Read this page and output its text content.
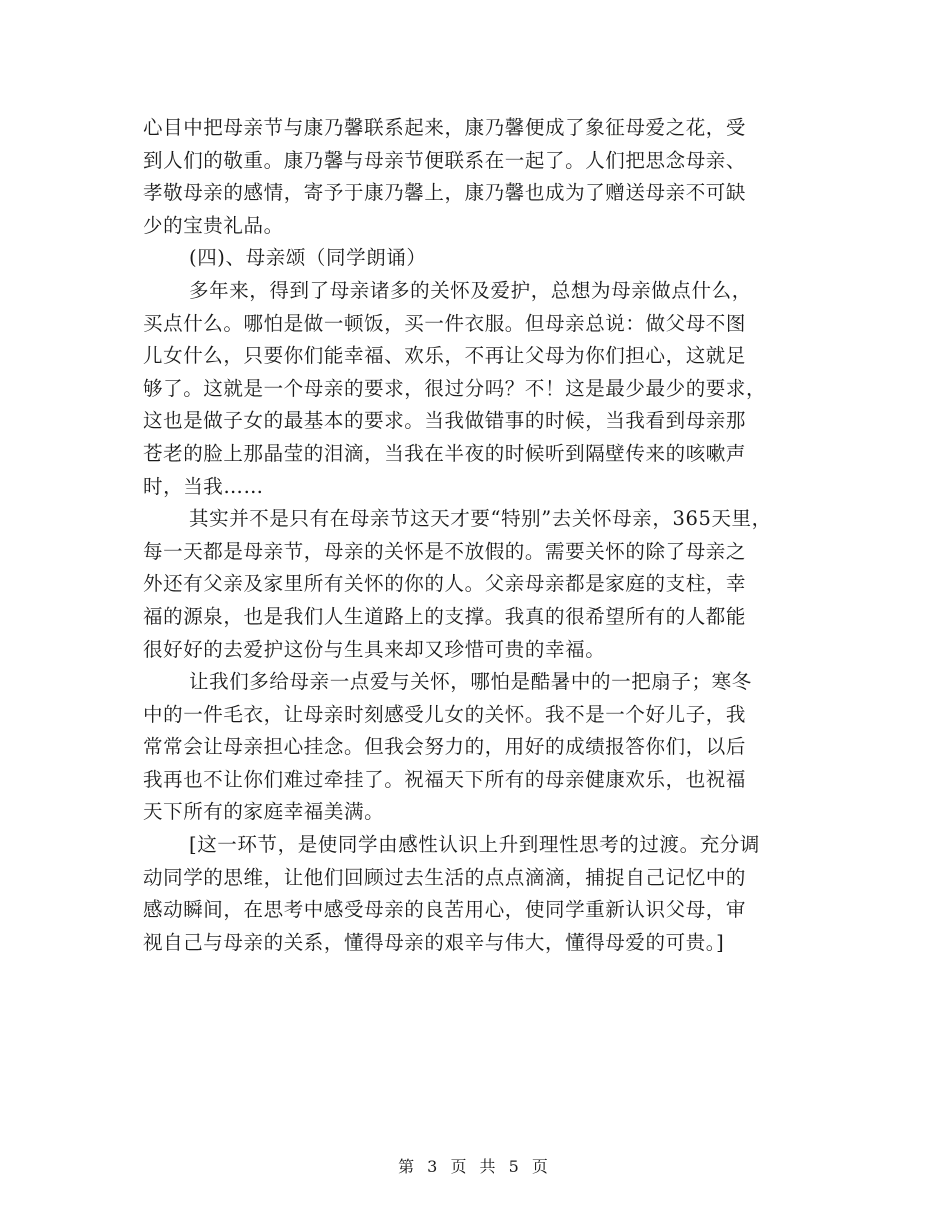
心目中把母亲节与康乃馨联系起来，康乃馨便成了象征母爱之花，受
到人们的敬重。康乃馨与母亲节便联系在一起了。人们把思念母亲、
孝敬母亲的感情，寄予于康乃馨上，康乃馨也成为了赠送母亲不可缺
少的宝贵礼品。
(四)、母亲颂（同学朗诵）
多年来，得到了母亲诸多的关怀及爱护，总想为母亲做点什么，
买点什么。哪怕是做一顿饭，买一件衣服。但母亲总说：做父母不图
儿女什么，只要你们能幸福、欢乐，不再让父母为你们担心，这就足
够了。这就是一个母亲的要求，很过分吗？不！这是最少最少的要求，
这也是做子女的最基本的要求。当我做错事的时候，当我看到母亲那
苍老的脸上那晶莹的泪滴，当我在半夜的时候听到隔壁传来的咳嗽声
时，当我……
其实并不是只有在母亲节这天才要“特别”去关怀母亲，365天里，
每一天都是母亲节，母亲的关怀是不放假的。需要关怀的除了母亲之
外还有父亲及家里所有关怀的你的人。父亲母亲都是家庭的支柱，幸
福的源泉，也是我们人生道路上的支撑。我真的很希望所有的人都能
很好好的去爱护这份与生具来却又珍惜可贵的幸福。
让我们多给母亲一点爱与关怀，哪怕是酷暑中的一把扇子；寒冬
中的一件毛衣，让母亲时刻感受儿女的关怀。我不是一个好儿子，我
常常会让母亲担心挂念。但我会努力的，用好的成绩报答你们，以后
我再也不让你们难过牵挂了。祝福天下所有的母亲健康欢乐，也祝福
天下所有的家庭幸福美满。
[这一环节，是使同学由感性认识上升到理性思考的过渡。充分调
动同学的思维，让他们回顾过去生活的点点滴滴，捕捉自己记忆中的
感动瞬间，在思考中感受母亲的良苦用心，使同学重新认识父母，审
视自己与母亲的关系，懂得母亲的艰辛与伟大，懂得母爱的可贵。]
第 3 页 共 5 页
